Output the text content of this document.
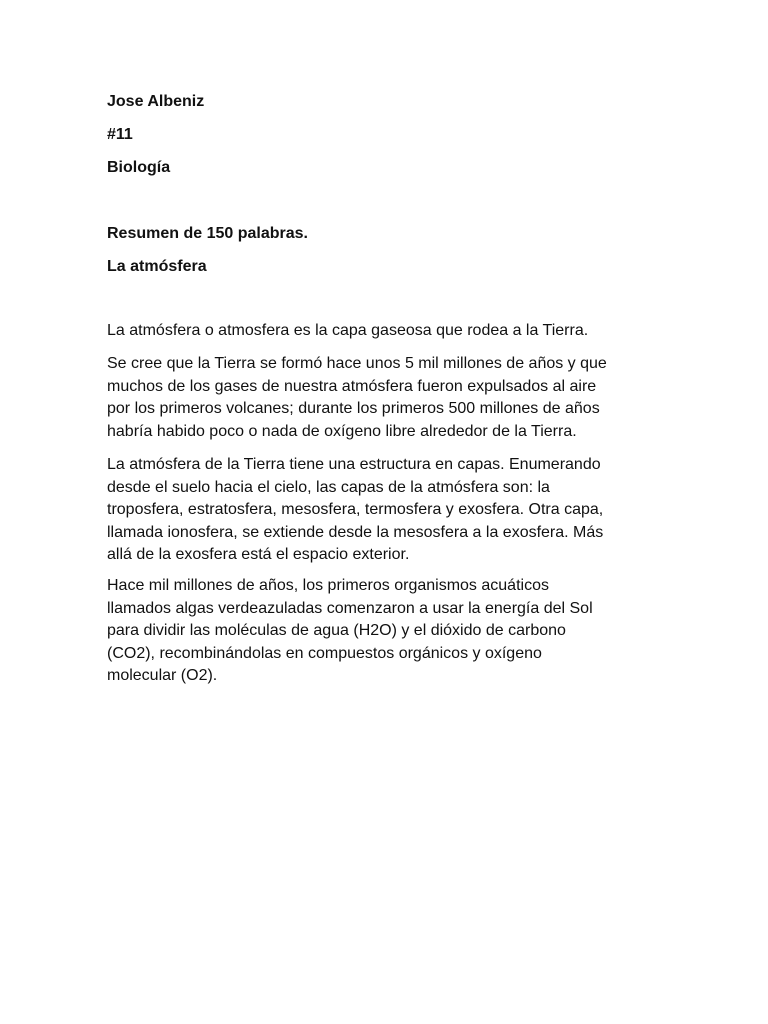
Jose Albeniz
#11
Biología
Resumen de 150 palabras.
La atmósfera
La atmósfera o atmosfera es la capa gaseosa que rodea a la Tierra.
Se cree que la Tierra se formó hace unos 5 mil millones de años y que
muchos de los gases de nuestra atmósfera fueron expulsados al aire
por los primeros volcanes; durante los primeros 500 millones de años
habría habido poco o nada de oxígeno libre alrededor de la Tierra.
La atmósfera de la Tierra tiene una estructura en capas. Enumerando
desde el suelo hacia el cielo, las capas de la atmósfera son: la
troposfera, estratosfera, mesosfera, termosfera y exosfera. Otra capa,
llamada ionosfera, se extiende desde la mesosfera a la exosfera. Más
allá de la exosfera está el espacio exterior.
Hace mil millones de años, los primeros organismos acuáticos
llamados algas verdeazuladas comenzaron a usar la energía del Sol
para dividir las moléculas de agua (H2O) y el dióxido de carbono
(CO2), recombinándolas en compuestos orgánicos y oxígeno
molecular (O2).
